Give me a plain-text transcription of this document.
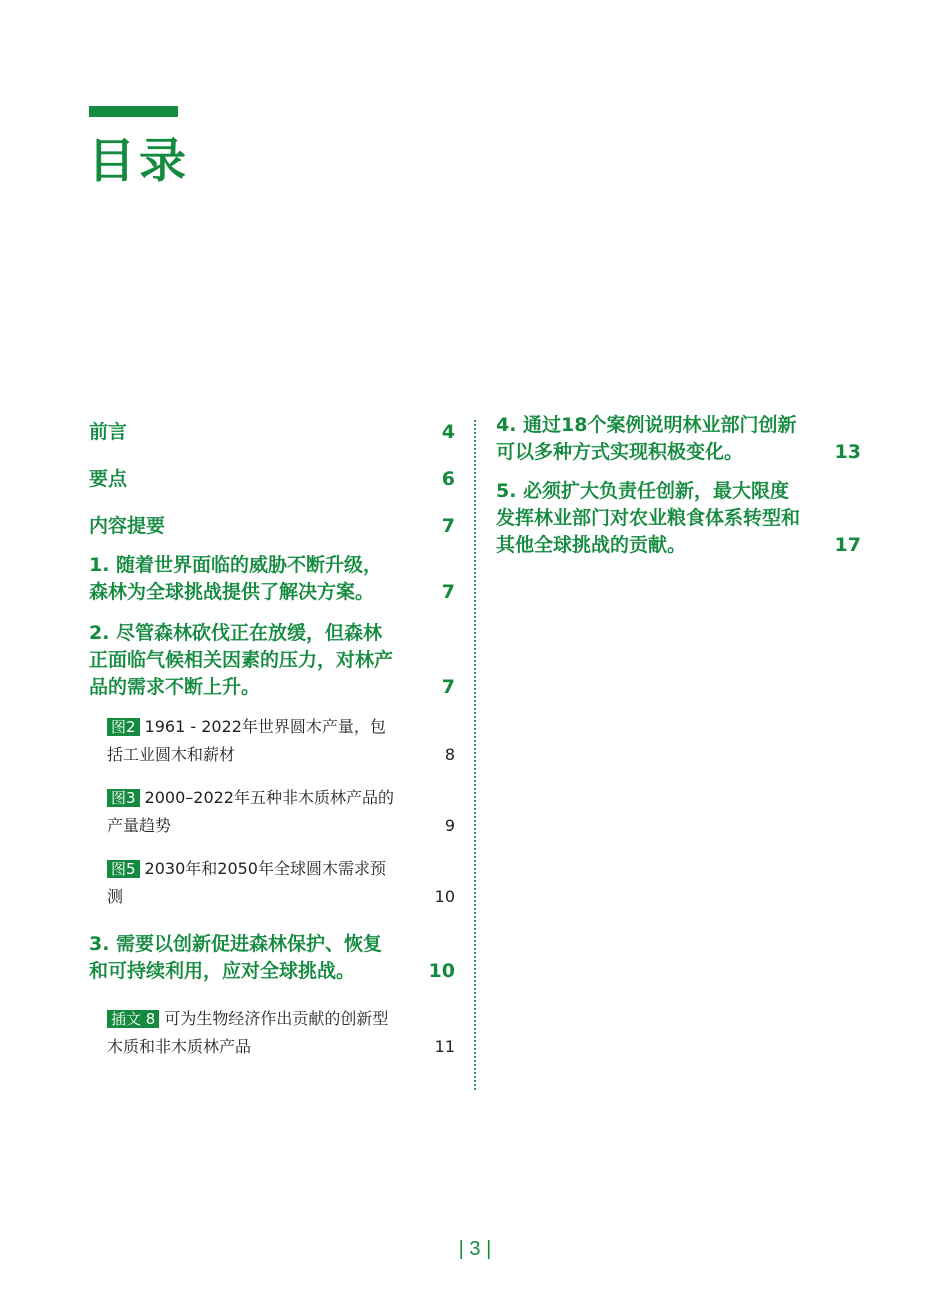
目录
前言	4
要点	6
内容提要	7
1. 随着世界面临的威胁不断升级，森林为全球挑战提供了解决方案。	7
2. 尽管森林砍伐正在放缓，但森林正面临气候相关因素的压力，对林产品的需求不断上升。	7
图2 1961 - 2022年世界圆木产量，包括工业圆木和薪材	8
图3 2000–2022年五种非木质林产品的产量趋势	9
图5 2030年和2050年全球圆木需求预测	10
3. 需要以创新促进森林保护、恢复和可持续利用，应对全球挑战。	10
插文 8 可为生物经济作出贡献的创新型木质和非木质林产品	11
4. 通过18个案例说明林业部门创新可以多种方式实现积极变化。	13
5. 必须扩大负责任创新，最大限度发挥林业部门对农业粮食体系转型和其他全球挑战的贡献。	17
| 3 |
